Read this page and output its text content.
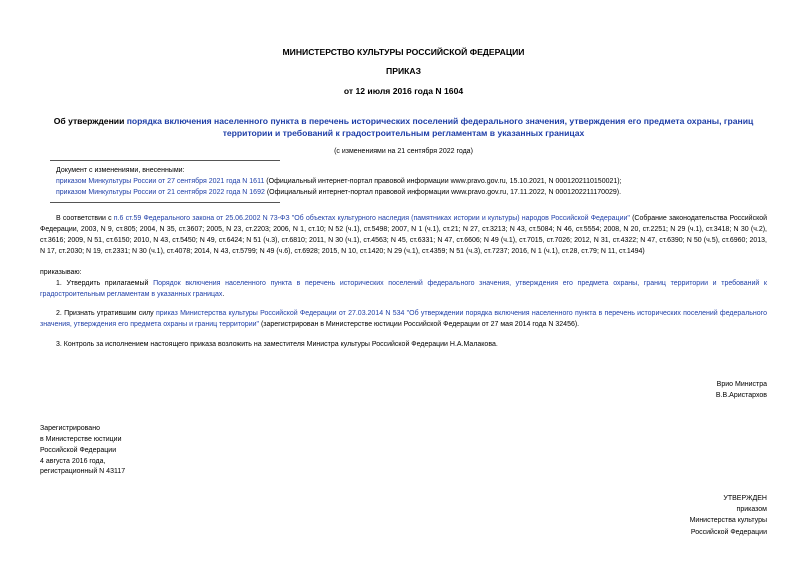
МИНИСТЕРСТВО КУЛЬТУРЫ РОССИЙСКОЙ ФЕДЕРАЦИИ
ПРИКАЗ
от 12 июля 2016 года N 1604
Об утверждении порядка включения населенного пункта в перечень исторических поселений федерального значения, утверждения его предмета охраны, границ территории и требований к градостроительным регламентам в указанных границах
(с изменениями на 21 сентября 2022 года)
Документ с изменениями, внесенными:
приказом Минкультуры России от 27 сентября 2021 года N 1611 (Официальный интернет-портал правовой информации www.pravo.gov.ru, 15.10.2021, N 0001202110150021);
приказом Минкультуры России от 21 сентября 2022 года N 1692 (Официальный интернет-портал правовой информации www.pravo.gov.ru, 17.11.2022, N 0001202211170029).
В соответствии с п.6 ст.59 Федерального закона от 25.06.2002 N 73-ФЗ "Об объектах культурного наследия (памятниках истории и культуры) народов Российской Федерации" (Собрание законодательства Российской Федерации, 2003, N 9, ст.805; 2004, N 35, ст.3607; 2005, N 23, ст.2203; 2006, N 1, ст.10; N 52 (ч.1), ст.5498; 2007, N 1 (ч.1), ст.21; N 27, ст.3213; N 43, ст.5084; N 46, ст.5554; 2008, N 20, ст.2251; N 29 (ч.1), ст.3418; N 30 (ч.2), ст.3616; 2009, N 51, ст.6150; 2010, N 43, ст.5450; N 49, ст.6424; N 51 (ч.3), ст.6810; 2011, N 30 (ч.1), ст.4563; N 45, ст.6331; N 47, ст.6606; N 49 (ч.1), ст.7015, ст.7026; 2012, N 31, ст.4322; N 47, ст.6390; N 50 (ч.5), ст.6960; 2013, N 17, ст.2030; N 19, ст.2331; N 30 (ч.1), ст.4078; 2014, N 43, ст.5799; N 49 (ч.6), ст.6928; 2015, N 10, ст.1420; N 29 (ч.1), ст.4359; N 51 (ч.3), ст.7237; 2016, N 1 (ч.1), ст.28, ст.79; N 11, ст.1494)
приказываю:
1. Утвердить прилагаемый Порядок включения населенного пункта в перечень исторических поселений федерального значения, утверждения его предмета охраны, границ территории и требований к градостроительным регламентам в указанных границах.
2. Признать утратившим силу приказ Министерства культуры Российской Федерации от 27.03.2014 N 534 "Об утверждении порядка включения населенного пункта в перечень исторических поселений федерального значения, утверждения его предмета охраны и границ территории" (зарегистрирован в Министерстве юстиции Российской Федерации от 27 мая 2014 года N 32456).
3. Контроль за исполнением настоящего приказа возложить на заместителя Министра культуры Российской Федерации Н.А.Малакова.
Врио Министра
В.В.Аристархов
Зарегистрировано
в Министерстве юстиции
Российской Федерации
4 августа 2016 года,
регистрационный N 43117
УТВЕРЖДЕН
приказом
Министерства культуры
Российской Федерации
